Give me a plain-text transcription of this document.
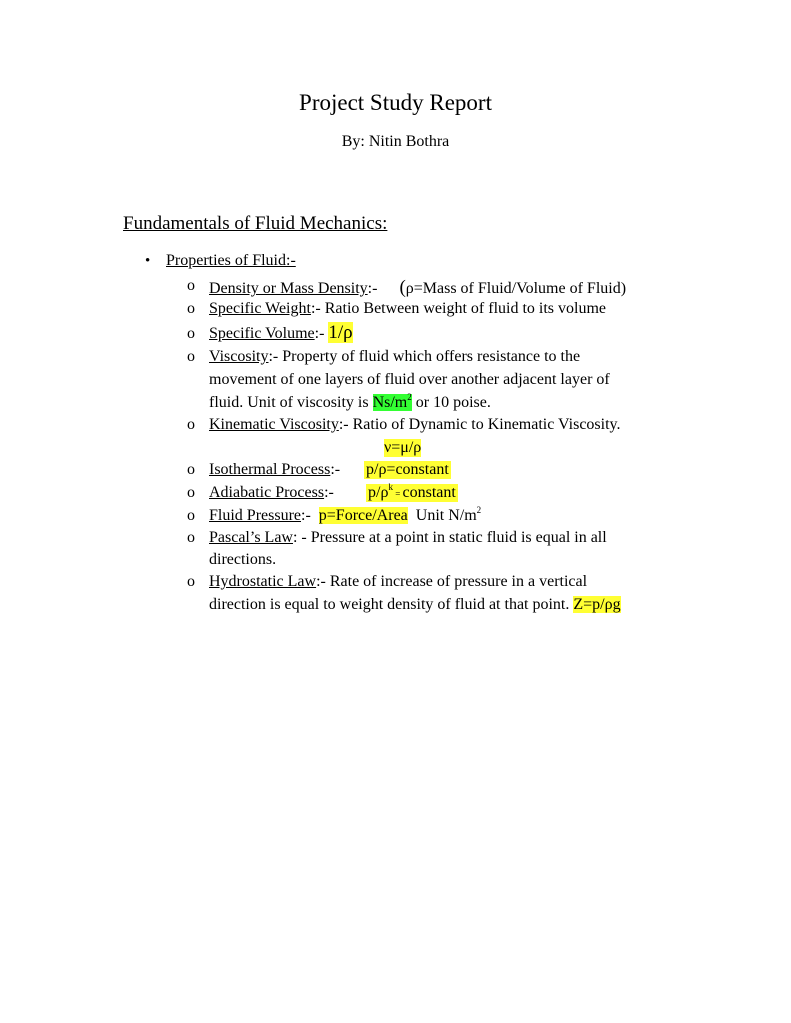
Project Study Report
By: Nitin Bothra
Fundamentals of Fluid Mechanics:
• Properties of Fluid:-
o Density or Mass Density:- (ρ=Mass of Fluid/Volume of Fluid)
o Specific Weight:- Ratio Between weight of fluid to its volume
o Specific Volume:- 1/ρ
o Viscosity:- Property of fluid which offers resistance to the
movement of one layers of fluid over another adjacent layer of
fluid. Unit of viscosity is $Ns/m^2$ or 10 poise.
o Kinematic Viscosity:- Ratio of Dynamic to Kinematic Viscosity.
ν=μ/ρ
o Isothermal Process:- p/ρ=constant
o Adiabatic Process:- $p/\rho^k$ = constant
o Fluid Pressure:- p=Force/Area Unit $N/m^2$
o Pascal’s Law: - Pressure at a point in static fluid is equal in all
directions.
o Hydrostatic Law:- Rate of increase of pressure in a vertical
direction is equal to weight density of fluid at that point. Z=p/ρg
